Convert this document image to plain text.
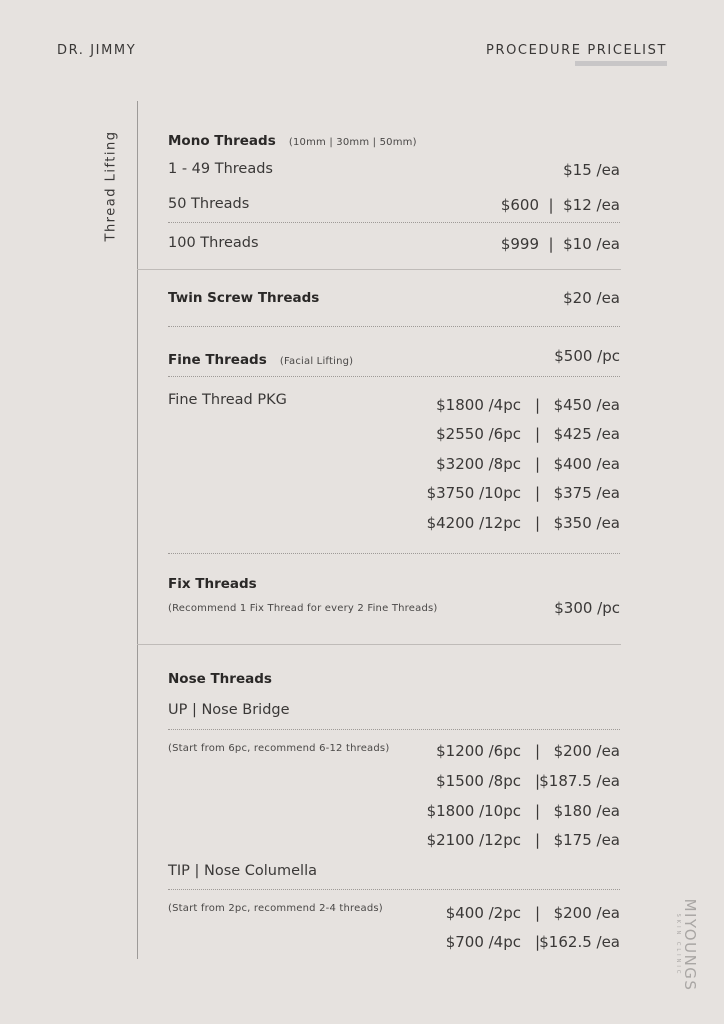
DR. JIMMY	PROCEDURE PRICELIST
Thread Lifting	Mono Threads (10mm | 30mm | 50mm)
1 - 49 Threads	$15 /ea
50 Threads	$600  |  $12 /ea
100 Threads	$999  |  $10 /ea
Twin Screw Threads	$20 /ea
Fine Threads (Facial Lifting)	$500 /pc
Fine Thread PKG	$1800 /4pc | $450 /ea
$2550 /6pc | $425 /ea
$3200 /8pc | $400 /ea
$3750 /10pc | $375 /ea
$4200 /12pc | $350 /ea
Fix Threads
(Recommend 1 Fix Thread for every 2 Fine Threads)	$300 /pc
Nose Threads
UP | Nose Bridge
(Start from 6pc, recommend 6-12 threads)	$1200 /6pc | $200 /ea
$1500 /8pc | $187.5 /ea
$1800 /10pc | $180 /ea
$2100 /12pc | $175 /ea
TIP | Nose Columella
(Start from 2pc, recommend 2-4 threads)	$400 /2pc | $200 /ea
$700 /4pc | $162.5 /ea	MIYOUNGS
SKIN CLINIC
